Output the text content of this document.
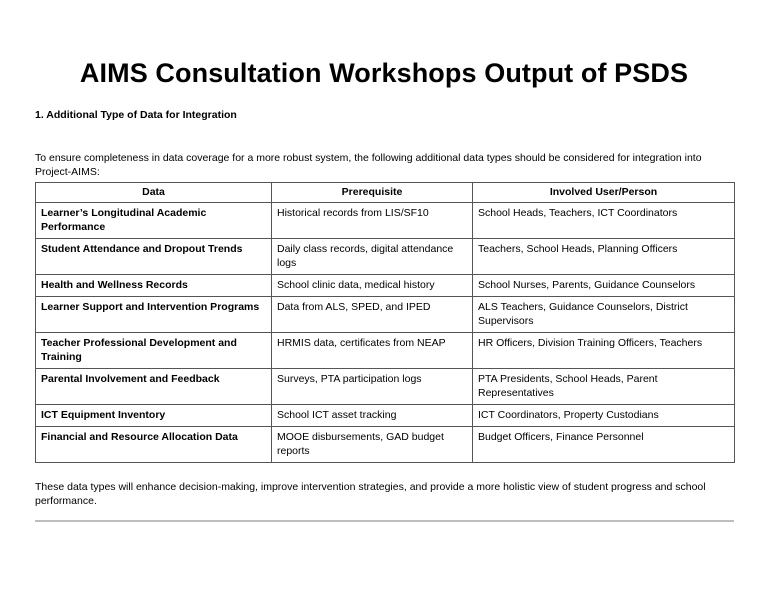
AIMS Consultation Workshops Output of PSDS
1. Additional Type of Data for Integration
To ensure completeness in data coverage for a more robust system, the following additional data types should be considered for integration into Project-AIMS:
Data	Prerequisite	Involved User/Person
Learner’s Longitudinal Academic Performance	Historical records from LIS/SF10	School Heads, Teachers, ICT Coordinators
Student Attendance and Dropout Trends	Daily class records, digital attendance logs	Teachers, School Heads, Planning Officers
Health and Wellness Records	School clinic data, medical history	School Nurses, Parents, Guidance Counselors
Learner Support and Intervention Programs	Data from ALS, SPED, and IPED	ALS Teachers, Guidance Counselors, District Supervisors
Teacher Professional Development and Training	HRMIS data, certificates from NEAP	HR Officers, Division Training Officers, Teachers
Parental Involvement and Feedback	Surveys, PTA participation logs	PTA Presidents, School Heads, Parent Representatives
ICT Equipment Inventory	School ICT asset tracking	ICT Coordinators, Property Custodians
Financial and Resource Allocation Data	MOOE disbursements, GAD budget reports	Budget Officers, Finance Personnel
These data types will enhance decision-making, improve intervention strategies, and provide a more holistic view of student progress and school performance.
